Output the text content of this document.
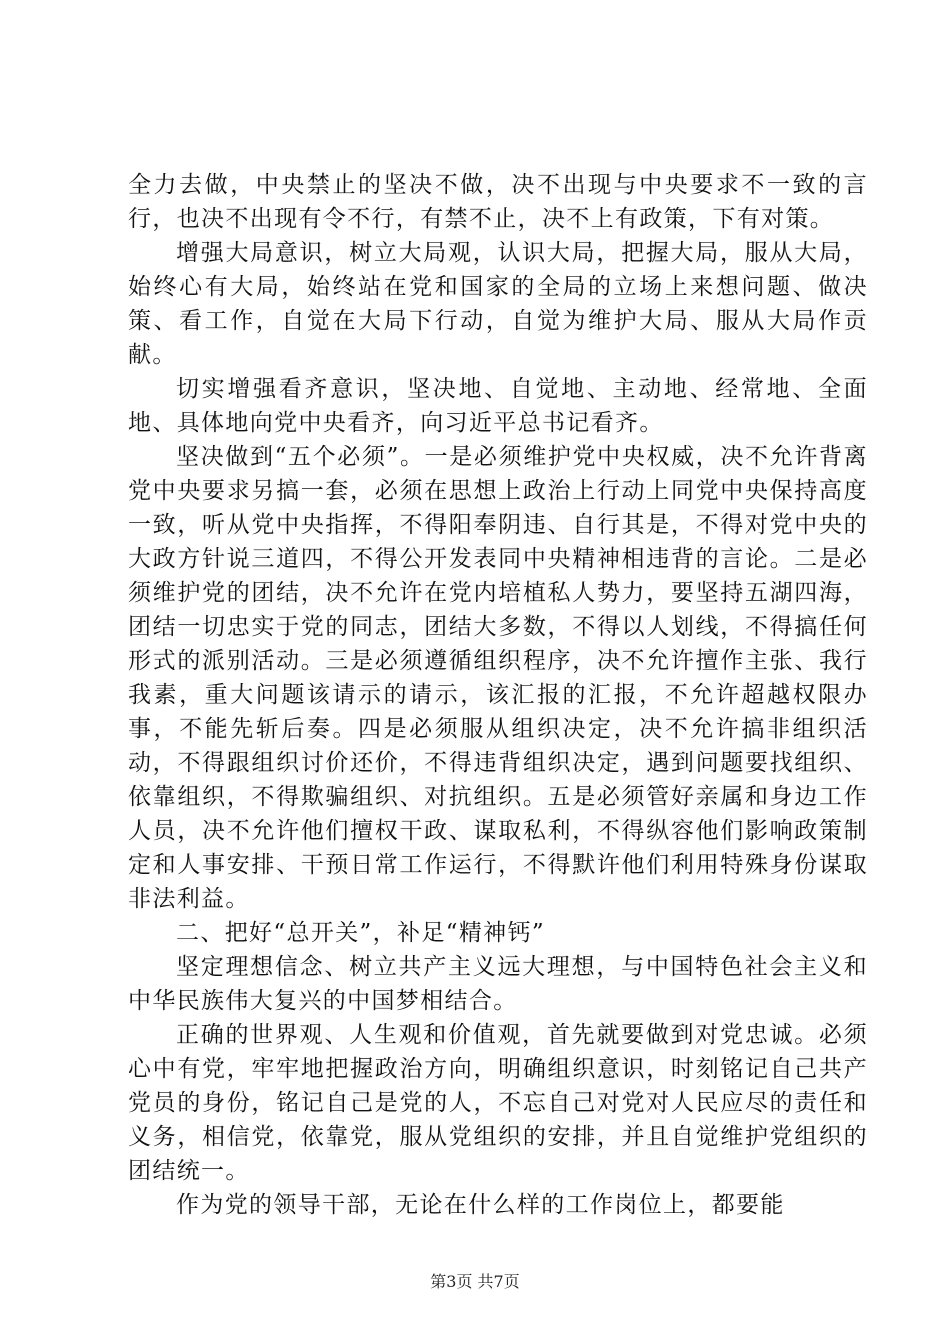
全力去做，中央禁止的坚决不做，决不出现与中央要求不一致的言行，也决不出现有令不行，有禁不止，决不上有政策，下有对策。

增强大局意识，树立大局观，认识大局，把握大局，服从大局，始终心有大局，始终站在党和国家的全局的立场上来想问题、做决策、看工作，自觉在大局下行动，自觉为维护大局、服从大局作贡献。

切实增强看齐意识，坚决地、自觉地、主动地、经常地、全面地、具体地向党中央看齐，向习近平总书记看齐。

坚决做到“五个必须”。一是必须维护党中央权威，决不允许背离党中央要求另搞一套，必须在思想上政治上行动上同党中央保持高度一致，听从党中央指挥，不得阳奉阴违、自行其是，不得对党中央的大政方针说三道四，不得公开发表同中央精神相违背的言论。二是必须维护党的团结，决不允许在党内培植私人势力，要坚持五湖四海，团结一切忠实于党的同志，团结大多数，不得以人划线，不得搞任何形式的派别活动。三是必须遵循组织程序，决不允许擅作主张、我行我素，重大问题该请示的请示，该汇报的汇报，不允许超越权限办事，不能先斩后奏。四是必须服从组织决定，决不允许搞非组织活动，不得跟组织讨价还价，不得违背组织决定，遇到问题要找组织、依靠组织，不得欺骗组织、对抗组织。五是必须管好亲属和身边工作人员，决不允许他们擅权干政、谋取私利，不得纵容他们影响政策制定和人事安排、干预日常工作运行，不得默许他们利用特殊身份谋取非法利益。

二、把好“总开关”，补足“精神钙”

坚定理想信念、树立共产主义远大理想，与中国特色社会主义和中华民族伟大复兴的中国梦相结合。

正确的世界观、人生观和价值观，首先就要做到对党忠诚。必须心中有党，牢牢地把握政治方向，明确组织意识，时刻铭记自己共产党员的身份，铭记自己是党的人，不忘自己对党对人民应尽的责任和义务，相信党，依靠党，服从党组织的安排，并且自觉维护党组织的团结统一。

作为党的领导干部，无论在什么样的工作岗位上，都要能

第3页 共7页
